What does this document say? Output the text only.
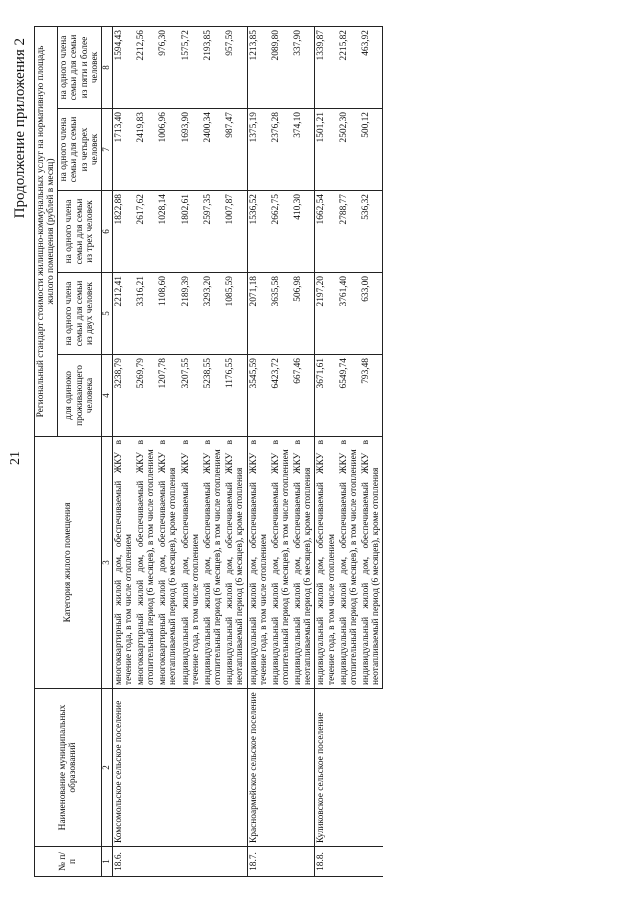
21
Продолжение приложения 2
№ п/п	Наименование муниципальных образований	Категория жилого помещения	Региональный стандарт стоимости жилищно-коммунальных услуг на нормативную площадь жилого помещения (рублей в месяц)				
			для одиноко проживающего человека	на одного члена семьи для семьи из двух человек	на одного члена семьи для семьи из трех человек	на одного члена семьи для семьи из четырех человек	на одного члена семьи для семьи из пяти и более человек
1	2	3	4	5	6	7	8
18.6.	Комсомольское сельское поселение	многоквартирный жилой дом, обеспечиваемый ЖКУ в течение года, в том числе отоплением	3238,79	2212,41	1822,88	1713,40	1594,43
		многоквартирный жилой дом, обеспечиваемый ЖКУ в отопительный период (6 месяцев), в том числе отоплением	5269,79	3316,21	2617,62	2419,83	2212,56
		многоквартирный жилой дом, обеспечиваемый ЖКУ в неотапливаемый период (6 месяцев), кроме отопления	1207,78	1108,60	1028,14	1006,96	976,30
		индивидуальный жилой дом, обеспечиваемый ЖКУ в течение года, в том числе отоплением	3207,55	2189,39	1802,61	1693,90	1575,72
		индивидуальный жилой дом, обеспечиваемый ЖКУ в отопительный период (6 месяцев), в том числе отоплением	5238,55	3293,20	2597,35	2400,34	2193,85
		индивидуальный жилой дом, обеспечиваемый ЖКУ в неотапливаемый период (6 месяцев), кроме отопления	1176,55	1085,59	1007,87	987,47	957,59
18.7.	Красноармейское сельское поселение	индивидуальный жилой дом, обеспечиваемый ЖКУ в течение года, в том числе отоплением	3545,59	2071,18	1536,52	1375,19	1213,85
		индивидуальный жилой дом, обеспечиваемый ЖКУ в отопительный период (6 месяцев), в том числе отоплением	6423,72	3635,58	2662,75	2376,28	2089,80
		индивидуальный жилой дом, обеспечиваемый ЖКУ в неотапливаемый период (6 месяцев), кроме отопления	667,46	506,98	410,30	374,10	337,90
18.8.	Куликовское сельское поселение	индивидуальный жилой дом, обеспечиваемый ЖКУ в течение года, в том числе отоплением	3671,61	2197,20	1662,54	1501,21	1339,87
		индивидуальный жилой дом, обеспечиваемый ЖКУ в отопительный период (6 месяцев), в том числе отоплением	6549,74	3761,40	2788,77	2502,30	2215,82
		индивидуальный жилой дом, обеспечиваемый ЖКУ в неотапливаемый период (6 месяцев), кроме отопления	793,48	633,00	536,32	500,12	463,92
